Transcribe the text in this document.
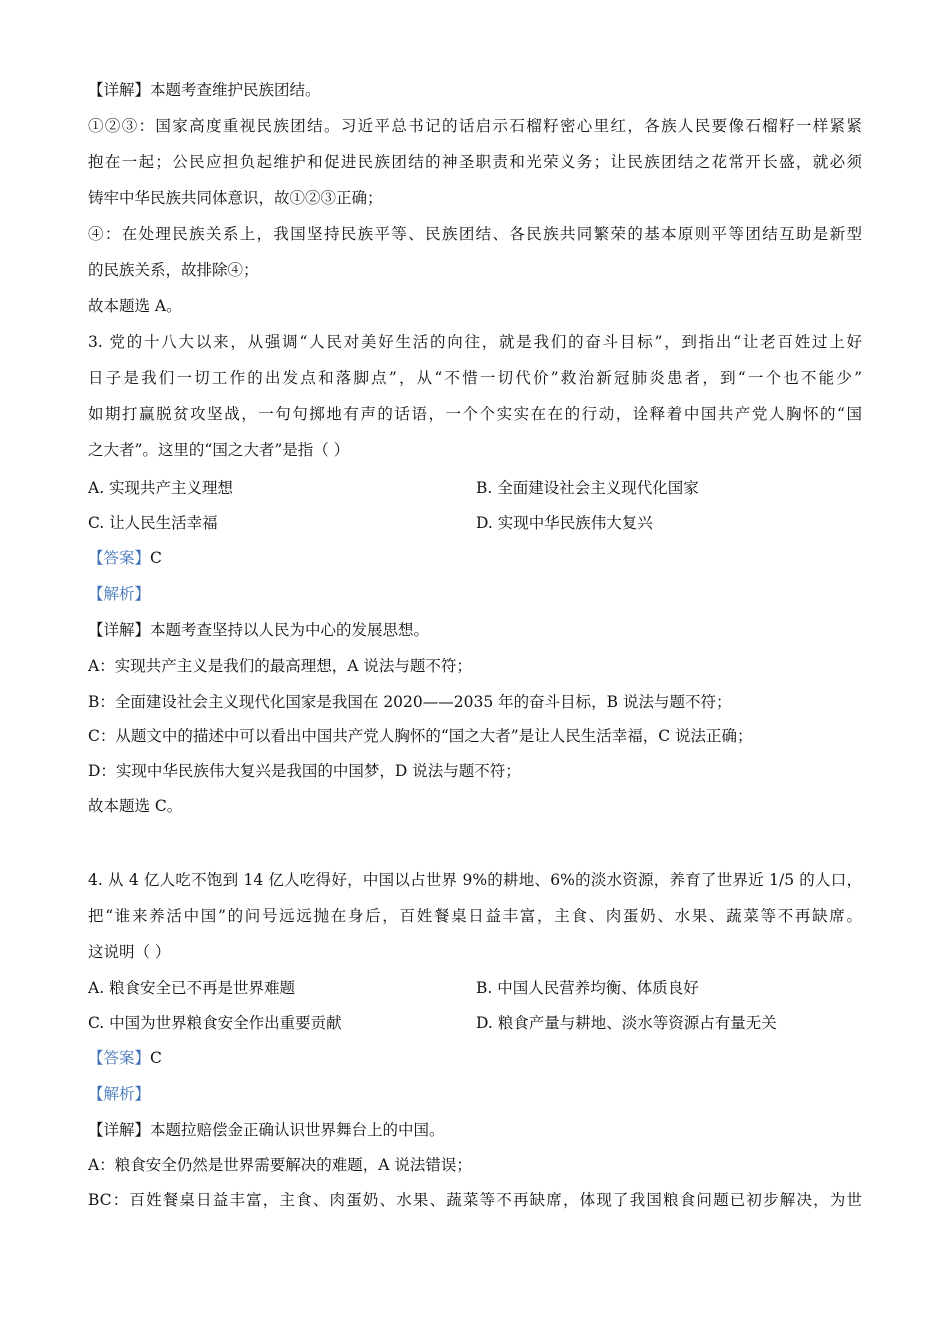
【详解】本题考查维护民族团结。
①②③：国家高度重视民族团结。习近平总书记的话启示石榴籽密心里红，各族人民要像石榴籽一样紧紧
抱在一起；公民应担负起维护和促进民族团结的神圣职责和光荣义务；让民族团结之花常开长盛，就必须
铸牢中华民族共同体意识，故①②③正确；
④：在处理民族关系上，我国坚持民族平等、民族团结、各民族共同繁荣的基本原则平等团结互助是新型
的民族关系，故排除④；
故本题选 A。
3. 党的十八大以来，从强调“人民对美好生活的向往，就是我们的奋斗目标”，到指出“让老百姓过上好
日子是我们一切工作的出发点和落脚点”，从“不惜一切代价”救治新冠肺炎患者，到“一个也不能少”
如期打赢脱贫攻坚战，一句句掷地有声的话语，一个个实实在在的行动，诠释着中国共产党人胸怀的“国
之大者”。这里的“国之大者”是指（ ）
A. 实现共产主义理想	B. 全面建设社会主义现代化国家
C. 让人民生活幸福	D. 实现中华民族伟大复兴
【答案】C
【解析】
【详解】本题考查坚持以人民为中心的发展思想。
A：实现共产主义是我们的最高理想，A 说法与题不符；
B：全面建设社会主义现代化国家是我国在 2020——2035 年的奋斗目标，B 说法与题不符；
C：从题文中的描述中可以看出中国共产党人胸怀的“国之大者”是让人民生活幸福，C 说法正确；
D：实现中华民族伟大复兴是我国的中国梦，D 说法与题不符；
故本题选 C。
4. 从 4 亿人吃不饱到 14 亿人吃得好，中国以占世界 9%的耕地、6%的淡水资源，养育了世界近 1/5 的人口，
把“谁来养活中国”的问号远远抛在身后，百姓餐桌日益丰富，主食、肉蛋奶、水果、蔬菜等不再缺席。
这说明（ ）
A. 粮食安全已不再是世界难题	B. 中国人民营养均衡、体质良好
C. 中国为世界粮食安全作出重要贡献	D. 粮食产量与耕地、淡水等资源占有量无关
【答案】C
【解析】
【详解】本题拉赔偿金正确认识世界舞台上的中国。
A：粮食安全仍然是世界需要解决的难题，A 说法错误；
BC：百姓餐桌日益丰富，主食、肉蛋奶、水果、蔬菜等不再缺席，体现了我国粮食问题已初步解决，为世
